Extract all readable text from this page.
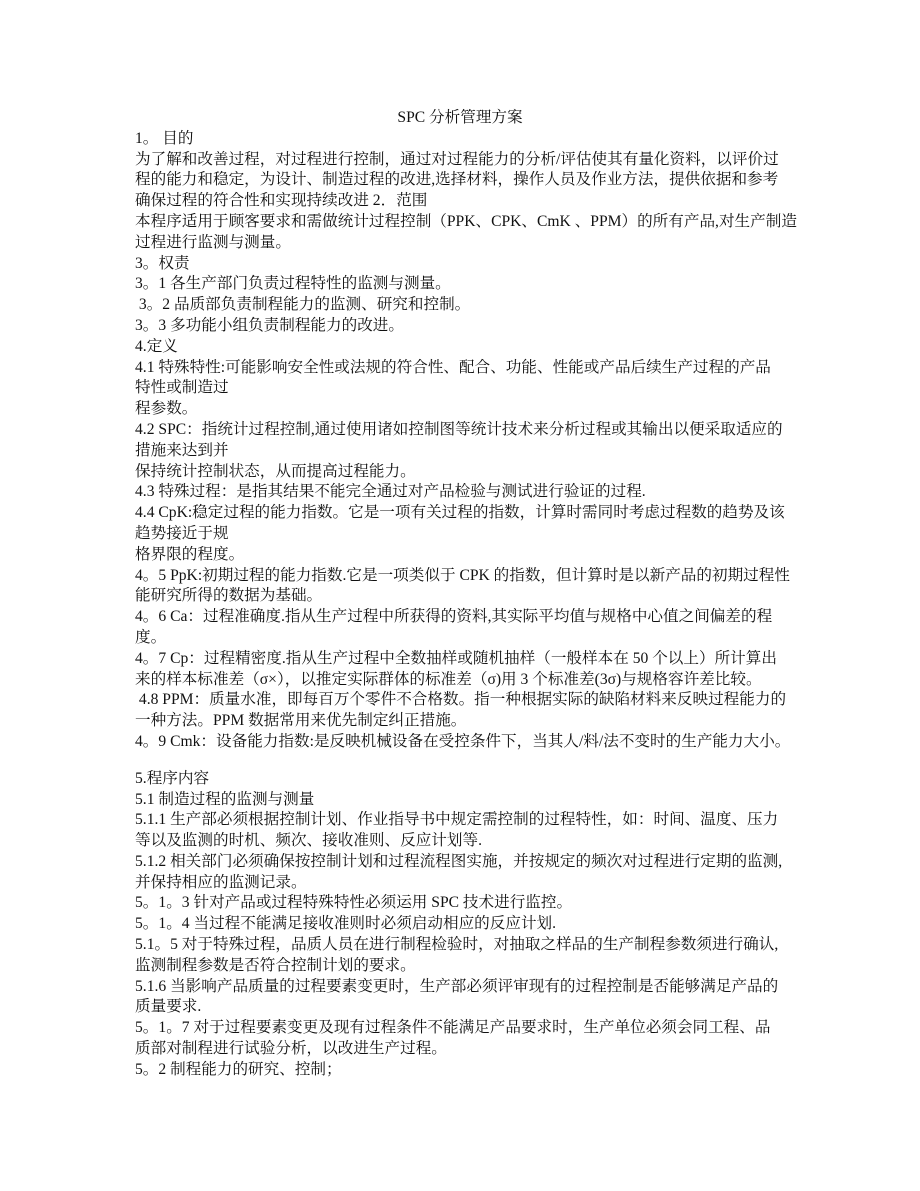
SPC 分析管理方案
1。 目的
为了解和改善过程，对过程进行控制，通过对过程能力的分析/评估使其有量化资料，以评价过
程的能力和稳定，为设计、制造过程的改进,选择材料，操作人员及作业方法，提供依据和参考
确保过程的符合性和实现持续改进 2．范围
本程序适用于顾客要求和需做统计过程控制（PPK、CPK、CmK 、PPM）的所有产品,对生产制造
过程进行监测与测量。
3。权责
3。1 各生产部门负责过程特性的监测与测量。
3。2 品质部负责制程能力的监测、研究和控制。
3。3 多功能小组负责制程能力的改进。
4.定义
4.1 特殊特性:可能影响安全性或法规的符合性、配合、功能、性能或产品后续生产过程的产品
特性或制造过
程参数。
4.2 SPC：指统计过程控制,通过使用诸如控制图等统计技术来分析过程或其输出以便采取适应的
措施来达到并
保持统计控制状态，从而提高过程能力。
4.3 特殊过程：是指其结果不能完全通过对产品检验与测试进行验证的过程.
4.4 CpK:稳定过程的能力指数。它是一项有关过程的指数，计算时需同时考虑过程数的趋势及该
趋势接近于规
格界限的程度。
4。5 PpK:初期过程的能力指数.它是一项类似于 CPK 的指数，但计算时是以新产品的初期过程性
能研究所得的数据为基础。
4。6 Ca：过程准确度.指从生产过程中所获得的资料,其实际平均值与规格中心值之间偏差的程
度。
4。7 Cp：过程精密度.指从生产过程中全数抽样或随机抽样（一般样本在 50 个以上）所计算出
来的样本标准差（σ×），以推定实际群体的标准差（σ)用 3 个标准差(3σ)与规格容许差比较。
4.8 PPM：质量水准，即每百万个零件不合格数。指一种根据实际的缺陷材料来反映过程能力的
一种方法。PPM 数据常用来优先制定纠正措施。
4。9 Cmk：设备能力指数:是反映机械设备在受控条件下，当其人/料/法不变时的生产能力大小。
5.程序内容
5.1 制造过程的监测与测量
5.1.1 生产部必须根据控制计划、作业指导书中规定需控制的过程特性，如：时间、温度、压力
等以及监测的时机、频次、接收准则、反应计划等.
5.1.2 相关部门必须确保按控制计划和过程流程图实施，并按规定的频次对过程进行定期的监测,
并保持相应的监测记录。
5。1。3 针对产品或过程特殊特性必须运用 SPC 技术进行监控。
5。1。4 当过程不能满足接收准则时必须启动相应的反应计划.
5.1。5 对于特殊过程，品质人员在进行制程检验时，对抽取之样品的生产制程参数须进行确认,
监测制程参数是否符合控制计划的要求。
5.1.6 当影响产品质量的过程要素变更时，生产部必须评审现有的过程控制是否能够满足产品的
质量要求.
5。1。7 对于过程要素变更及现有过程条件不能满足产品要求时，生产单位必须会同工程、品
质部对制程进行试验分析，以改进生产过程。
5。2 制程能力的研究、控制；
